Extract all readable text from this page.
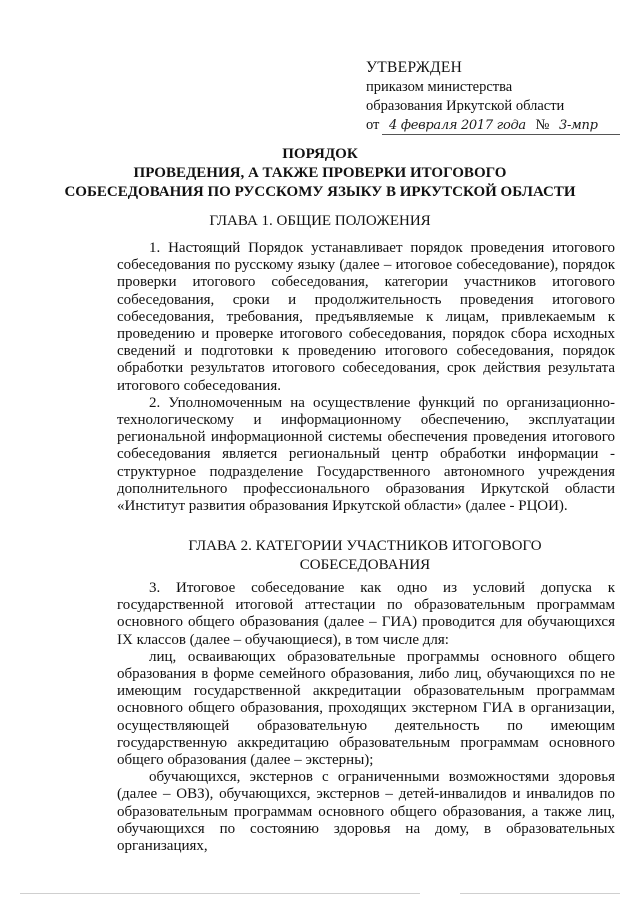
УТВЕРЖДЕН
приказом министерства
образования Иркутской области
от 4 февраля 2017 года № 3-мпр
ПОРЯДОК
ПРОВЕДЕНИЯ, А ТАКЖЕ ПРОВЕРКИ ИТОГОВОГО
СОБЕСЕДОВАНИЯ ПО РУССКОМУ ЯЗЫКУ В ИРКУТСКОЙ ОБЛАСТИ
ГЛАВА 1. ОБЩИЕ ПОЛОЖЕНИЯ

1. Настоящий Порядок устанавливает порядок проведения итогового собеседования по русскому языку (далее – итоговое собеседование), порядок проверки итогового собеседования, категории участников итогового собеседования, сроки и продолжительность проведения итогового собеседования, требования, предъявляемые к лицам, привлекаемым к проведению и проверке итогового собеседования, порядок сбора исходных сведений и подготовки к проведению итогового собеседования, порядок обработки результатов итогового собеседования, срок действия результата итогового собеседования.

2. Уполномоченным на осуществление функций по организационно-технологическому и информационному обеспечению, эксплуатации региональной информационной системы обеспечения проведения итогового собеседования является региональный центр обработки информации - структурное подразделение Государственного автономного учреждения дополнительного профессионального образования Иркутской области «Институт развития образования Иркутской области» (далее - РЦОИ).

ГЛАВА 2. КАТЕГОРИИ УЧАСТНИКОВ ИТОГОВОГО СОБЕСЕДОВАНИЯ

3. Итоговое собеседование как одно из условий допуска к государственной итоговой аттестации по образовательным программам основного общего образования (далее – ГИА) проводится для обучающихся IX классов (далее – обучающиеся), в том числе для:

лиц, осваивающих образовательные программы основного общего образования в форме семейного образования, либо лиц, обучающихся по не имеющим государственной аккредитации образовательным программам основного общего образования, проходящих экстерном ГИА в организации, осуществляющей образовательную деятельность по имеющим государственную аккредитацию образовательным программам основного общего образования (далее – экстерны);

обучающихся, экстернов с ограниченными возможностями здоровья (далее – ОВЗ), обучающихся, экстернов – детей-инвалидов и инвалидов по образовательным программам основного общего образования, а также лиц, обучающихся по состоянию здоровья на дому, в образовательных организациях,
